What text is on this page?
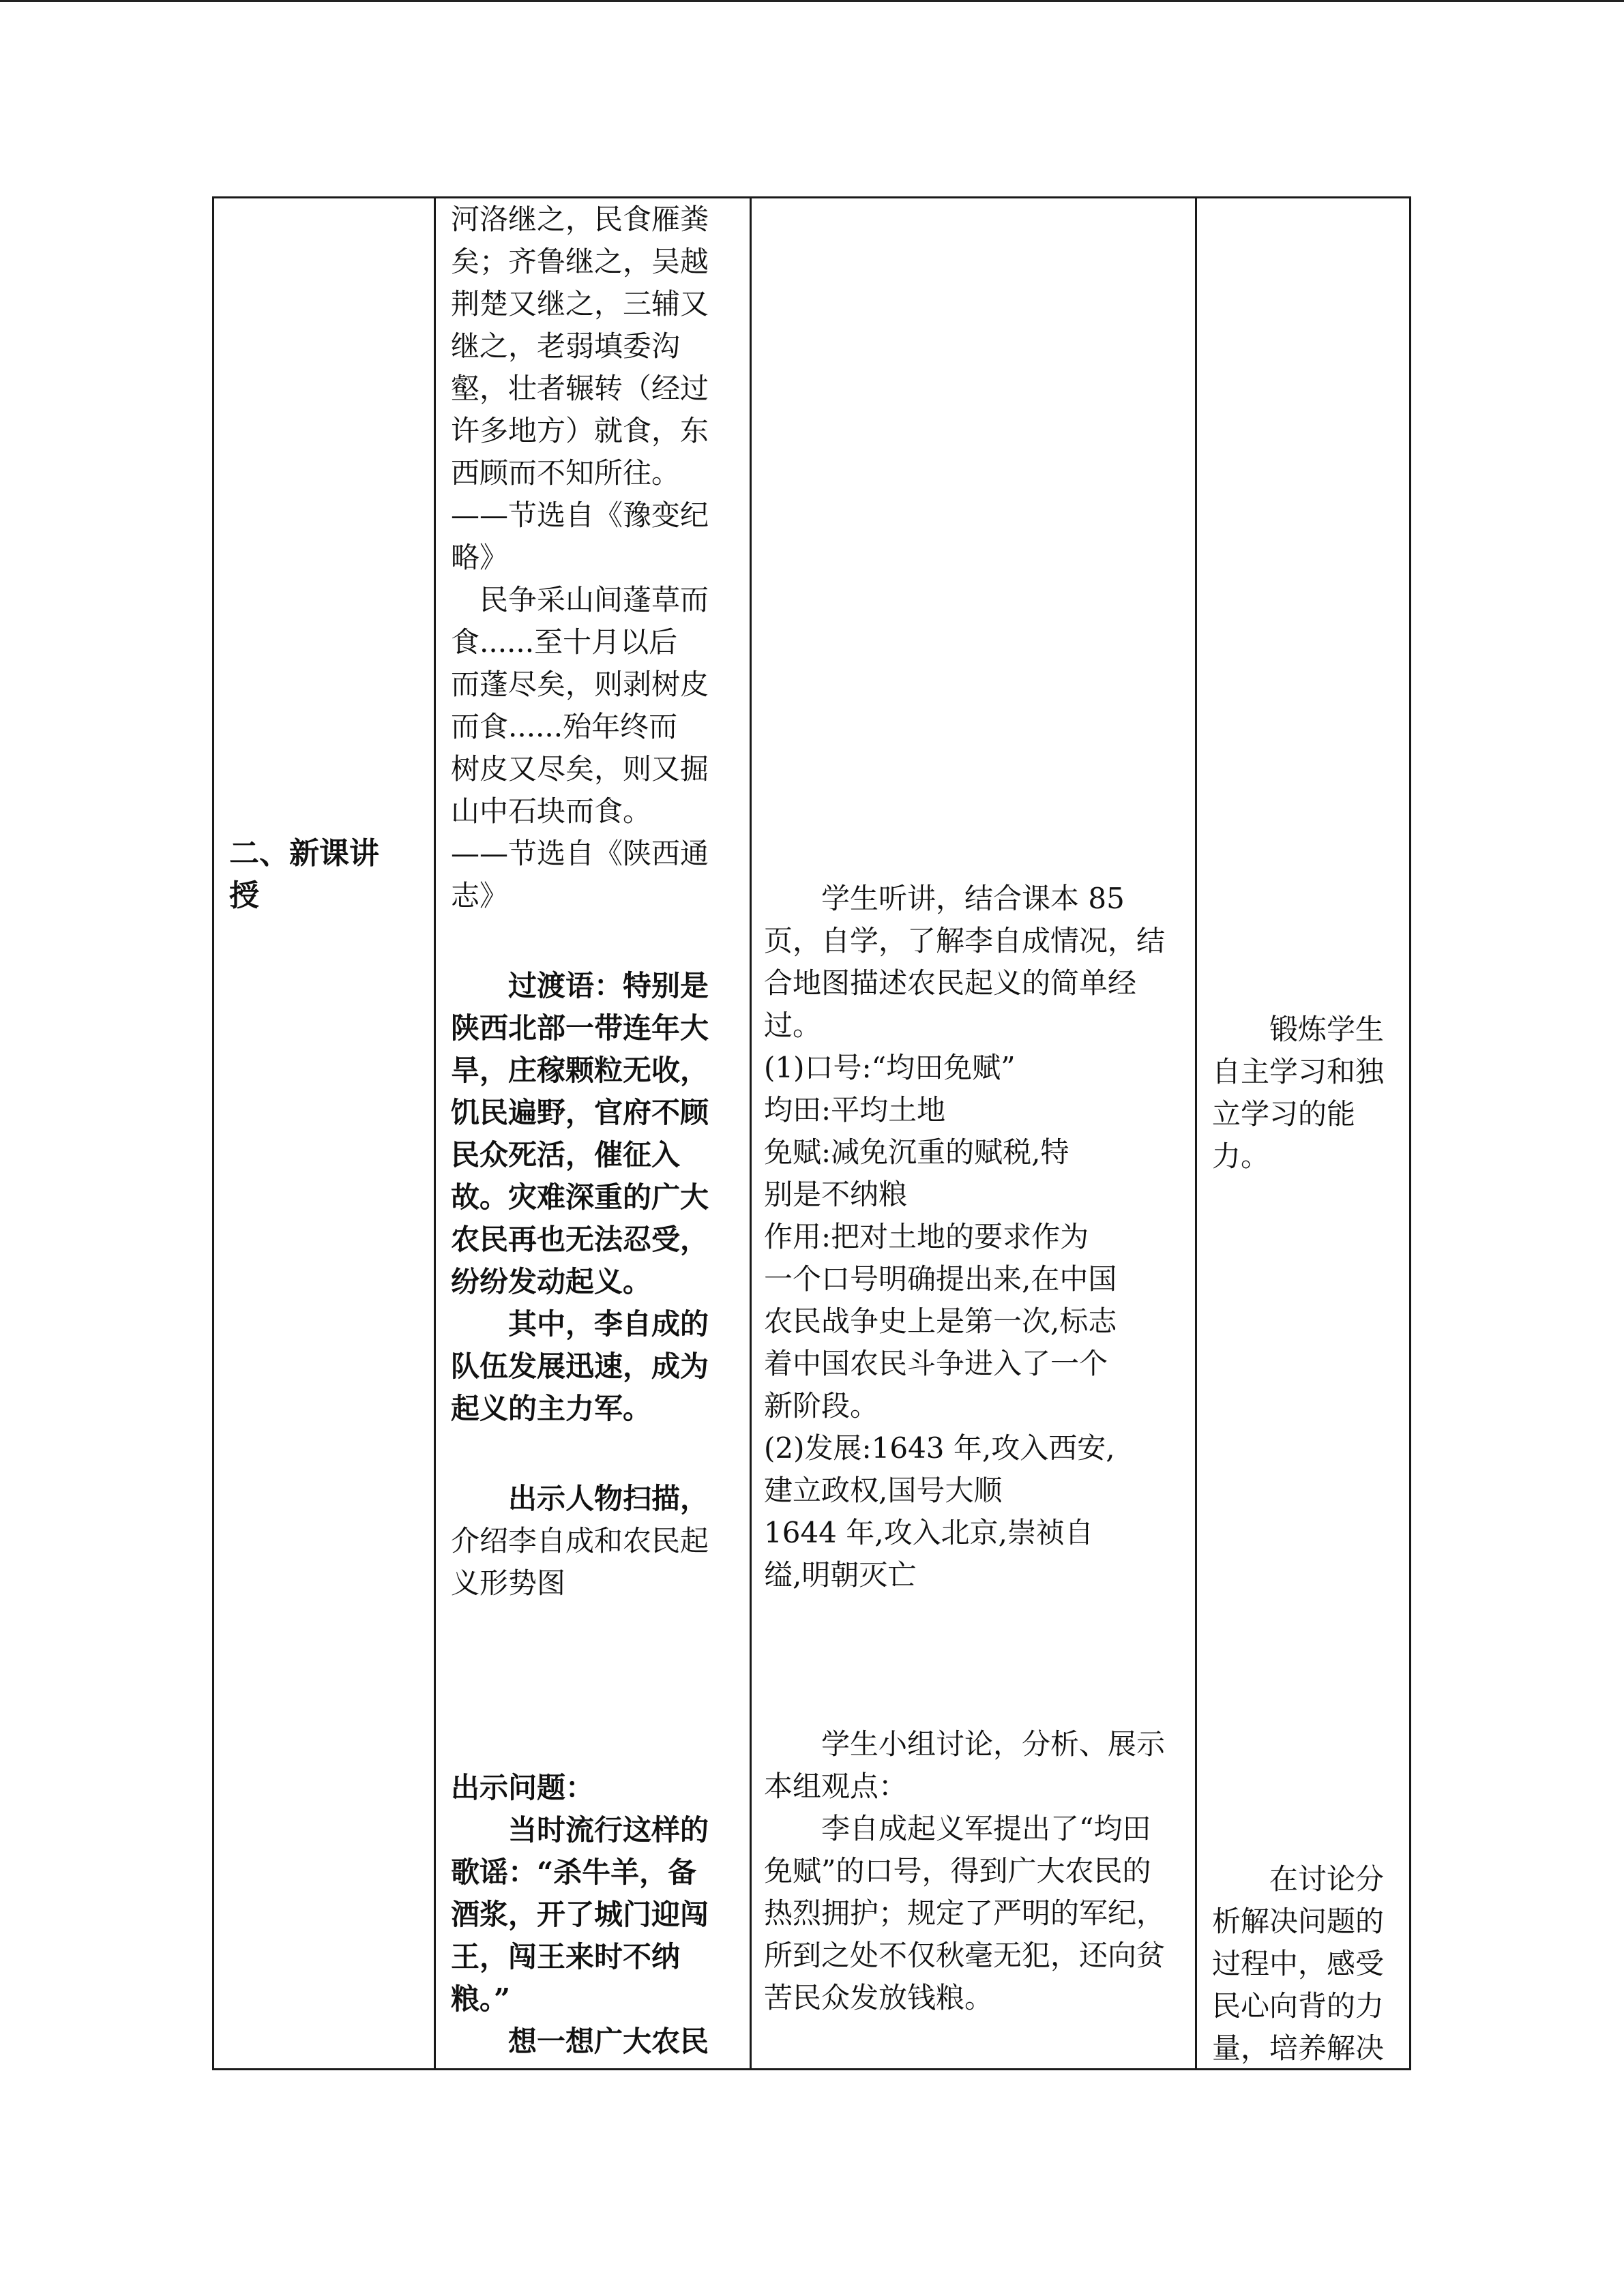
二、新课讲
授
河洛继之，民食雁粪
矣；齐鲁继之，吴越
荆楚又继之，三辅又
继之，老弱填委沟
壑，壮者辗转（经过
许多地方）就食，东
西顾而不知所往。
——节选自《豫变纪
略》
　民争采山间蓬草而
食......至十月以后
而蓬尽矣，则剥树皮
而食......殆年终而
树皮又尽矣，则又掘
山中石块而食。
——节选自《陕西通
志》
　　过渡语：特别是
陕西北部一带连年大
旱，庄稼颗粒无收，
饥民遍野，官府不顾
民众死活，催征入
故。灾难深重的广大
农民再也无法忍受，
纷纷发动起义。
　　其中，李自成的
队伍发展迅速，成为
起义的主力军。
　　出示人物扫描，
介绍李自成和农民起
义形势图
出示问题：
　　当时流行这样的
歌谣：“杀牛羊，备
酒浆，开了城门迎闯
王，闯王来时不纳
粮。”
　　想一想广大农民
　　学生听讲，结合课本 85
页，自学，了解李自成情况，结
合地图描述农民起义的简单经
过。
(1)口号:“均田免赋”
均田:平均土地
免赋:减免沉重的赋税,特
别是不纳粮
作用:把对土地的要求作为
一个口号明确提出来,在中国
农民战争史上是第一次,标志
着中国农民斗争进入了一个
新阶段。
(2)发展:1643 年,攻入西安,
建立政权,国号大顺
1644 年,攻入北京,崇祯自
缢,明朝灭亡
　　学生小组讨论，分析、展示
本组观点：
　　李自成起义军提出了“均田
免赋”的口号，得到广大农民的
热烈拥护；规定了严明的军纪，
所到之处不仅秋毫无犯，还向贫
苦民众发放钱粮。
　　锻炼学生
自主学习和独
立学习的能
力。
　　在讨论分
析解决问题的
过程中，感受
民心向背的力
量，培养解决
